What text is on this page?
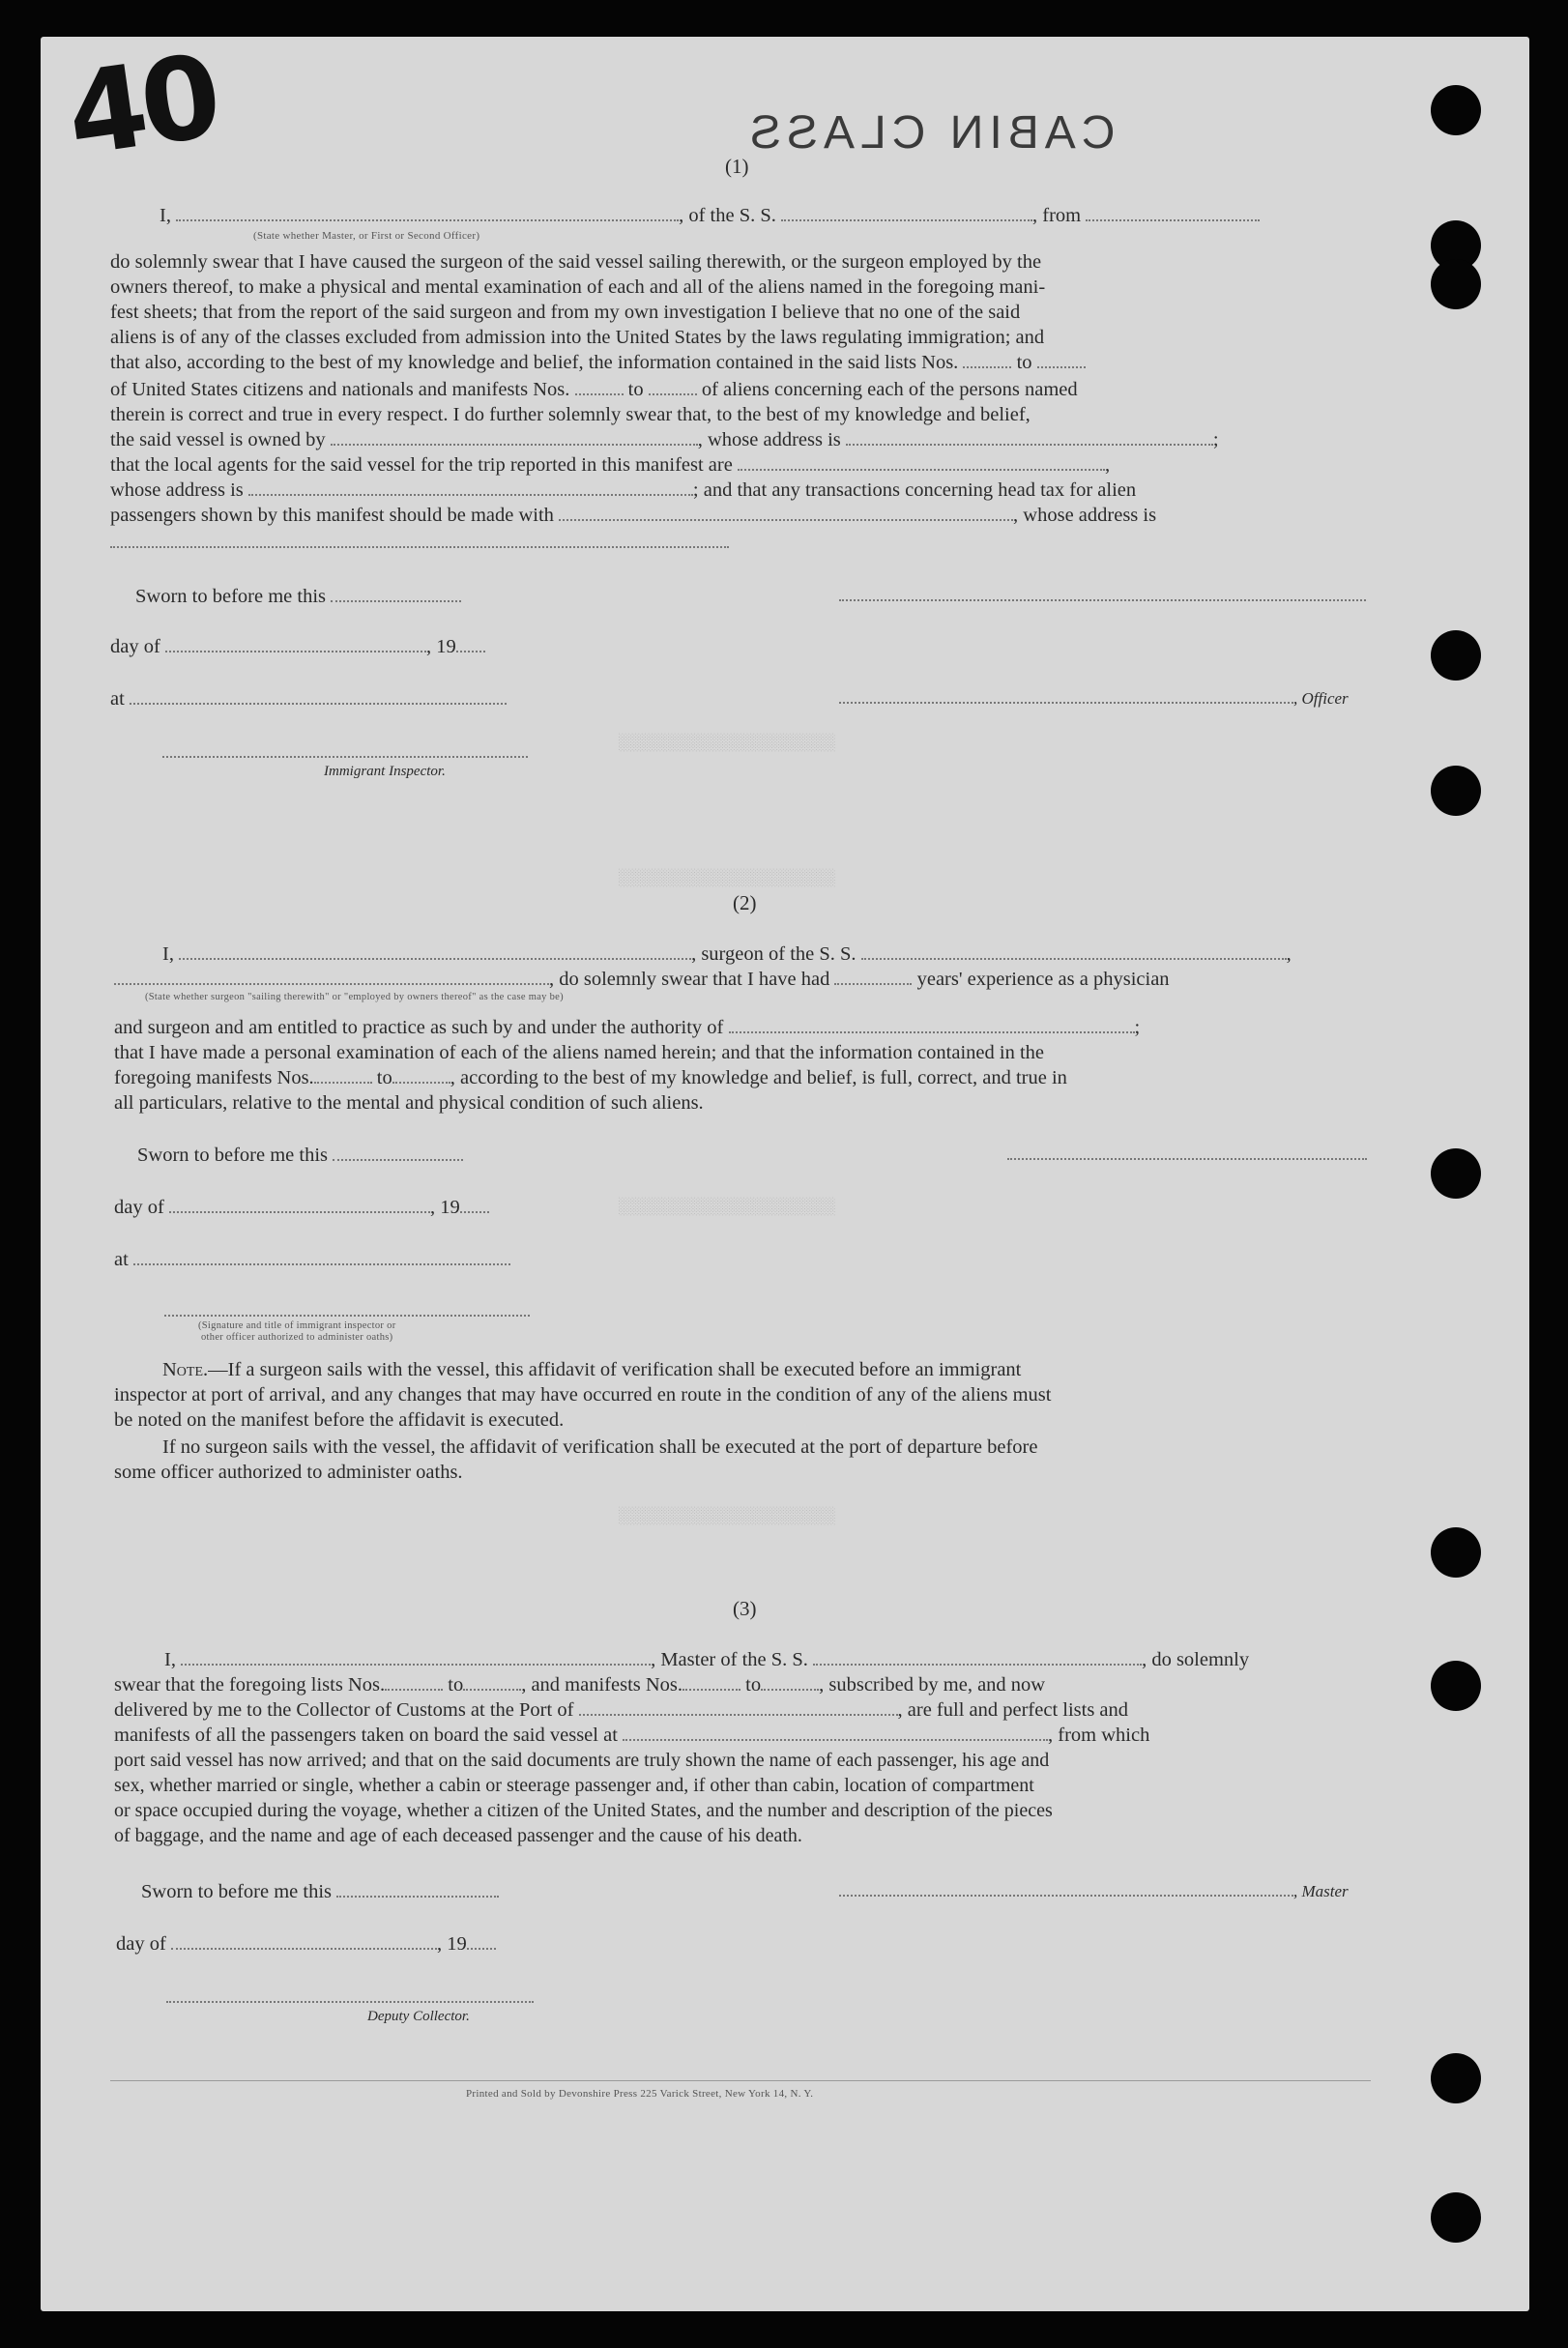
░░░░░░░░░░░░░░░░░░░░░░
░░░░░░░░░░░░░░░░░░░░░░
░░░░░░░░░░░░░░░░░░░░░░
░░░░░░░░░░░░░░░░░░░░░░
40	CABIN CLASS
(1)
I,	, of the S. S.	, from
(State whether Master, or First or Second Officer)
do solemnly swear that I have caused the surgeon of the said vessel sailing therewith, or the surgeon employed by the
owners thereof, to make a physical and mental examination of each and all of the aliens named in the foregoing mani-
fest sheets; that from the report of the said surgeon and from my own investigation I believe that no one of the said
aliens is of any of the classes excluded from admission into the United States by the laws regulating immigration; and
that also, according to the best of my knowledge and belief, the information contained in the said lists Nos.	to
of United States citizens and nationals and manifests Nos.	to	of aliens concerning each of the persons named
therein is correct and true in every respect. I do further solemnly swear that, to the best of my knowledge and belief,
the said vessel is owned by	, whose address is	;
that the local agents for the said vessel for the trip reported in this manifest are	,
whose address is	; and that any transactions concerning head tax for alien
passengers shown by this manifest should be made with	, whose address is
Sworn to before me this
day of	, 19
at	, Officer
Immigrant Inspector.
(2)
I,	, surgeon of the S. S.	,
, do solemnly swear that I have had	years' experience as a physician
(State whether surgeon "sailing therewith" or "employed by owners thereof" as the case may be)
and surgeon and am entitled to practice as such by and under the authority of	;
that I have made a personal examination of each of the aliens named herein; and that the information contained in the
foregoing manifests Nos.	to	, according to the best of my knowledge and belief, is full, correct, and true in
all particulars, relative to the mental and physical condition of such aliens.
Sworn to before me this
day of	, 19
at
(Signature and title of immigrant inspector or
other officer authorized to administer oaths)
Note.—If a surgeon sails with the vessel, this affidavit of verification shall be executed before an immigrant
inspector at port of arrival, and any changes that may have occurred en route in the condition of any of the aliens must
be noted on the manifest before the affidavit is executed.
If no surgeon sails with the vessel, the affidavit of verification shall be executed at the port of departure before
some officer authorized to administer oaths.
(3)
I,	, Master of the S. S.	, do solemnly
swear that the foregoing lists Nos.	to	, and manifests Nos.	to	, subscribed by me, and now
delivered by me to the Collector of Customs at the Port of	, are full and perfect lists and
manifests of all the passengers taken on board the said vessel at	, from which
port said vessel has now arrived; and that on the said documents are truly shown the name of each passenger, his age and
sex, whether married or single, whether a cabin or steerage passenger and, if other than cabin, location of compartment
or space occupied during the voyage, whether a citizen of the United States, and the number and description of the pieces
of baggage, and the name and age of each deceased passenger and the cause of his death.
Sworn to before me this	, Master
day of	, 19
Deputy Collector.
Printed and Sold by Devonshire Press 225 Varick Street, New York 14, N. Y.
